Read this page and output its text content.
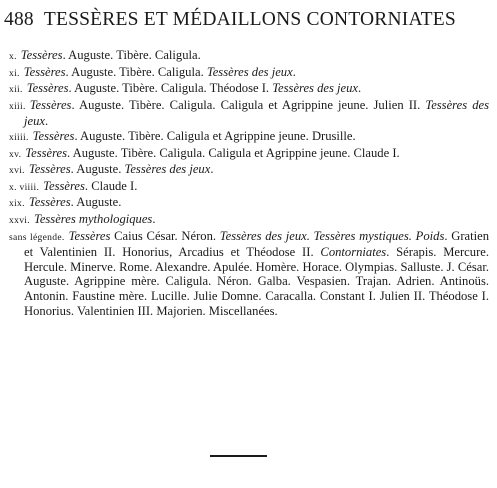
488 TESSÈRES ET MÉDAILLONS CONTORNIATES

x. Tessères. Auguste. Tibère. Caligula.

xi. Tessères. Auguste. Tibère. Caligula. Tessères des jeux.

xii. Tessères. Auguste. Tibère. Caligula. Théodose I. Tessères des jeux.

xiii. Tessères. Auguste. Tibère. Caligula. Caligula et Agrippine jeune. Julien II. Tessères des jeux.

xiiii. Tessères. Auguste. Tibère. Caligula et Agrippine jeune. Drusille.

xv. Tessères. Auguste. Tibère. Caligula. Caligula et Agrippine jeune. Claude I.

xvi. Tessères. Auguste. Tessères des jeux.

x. viiii. Tessères. Claude I.

xix. Tessères. Auguste.

xxvi. Tessères mythologiques.

sans légende. Tessères Caius César. Néron. Tessères des jeux. Tessères mystiques. Poids. Gratien et Valentinien II. Honorius, Arcadius et Théodose II. Contorniates. Sérapis. Mercure. Hercule. Minerve. Rome. Alexandre. Apulée. Homère. Horace. Olympias. Salluste. J. César. Auguste. Agrippine mère. Caligula. Néron. Galba. Vespasien. Trajan. Adrien. Antinoüs. Antonin. Faustine mère. Lucille. Julie Domne. Caracalla. Constant I. Julien II. Théodose I. Honorius. Valentinien III. Majorien. Miscellanées.
